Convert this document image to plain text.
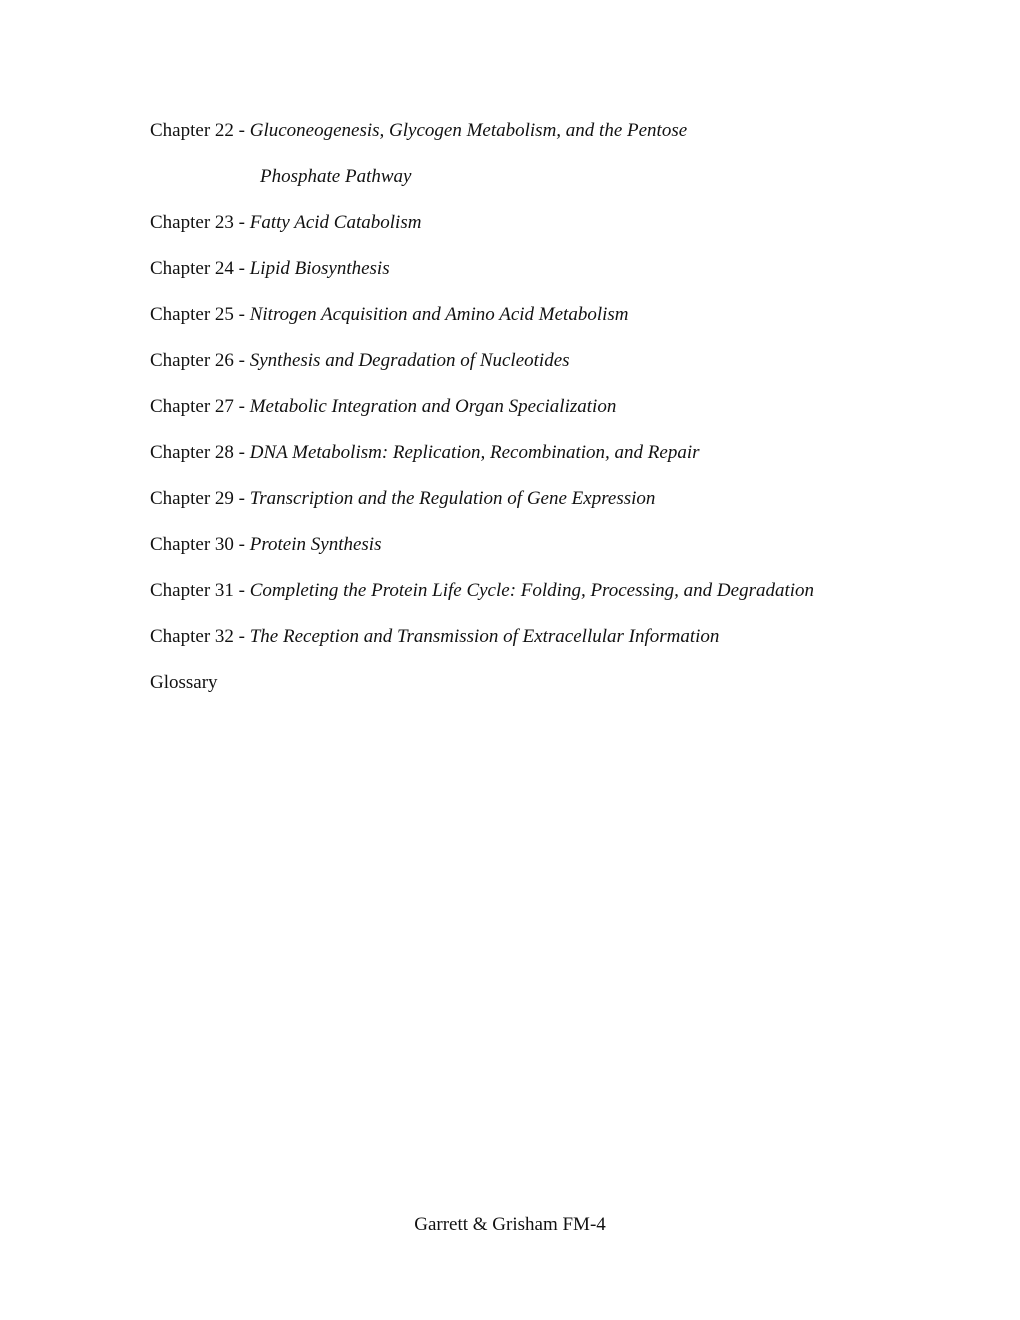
Chapter 22 - Gluconeogenesis, Glycogen Metabolism, and the Pentose
Phosphate Pathway
Chapter 23 - Fatty Acid Catabolism
Chapter 24 - Lipid Biosynthesis
Chapter 25 - Nitrogen Acquisition and Amino Acid Metabolism
Chapter 26 - Synthesis and Degradation of Nucleotides
Chapter 27 - Metabolic Integration and Organ Specialization
Chapter 28 - DNA Metabolism: Replication, Recombination, and Repair
Chapter 29 - Transcription and the Regulation of Gene Expression
Chapter 30 - Protein Synthesis
Chapter 31 - Completing the Protein Life Cycle: Folding, Processing, and Degradation
Chapter 32 - The Reception and Transmission of Extracellular Information
Glossary
Garrett & Grisham FM-4
